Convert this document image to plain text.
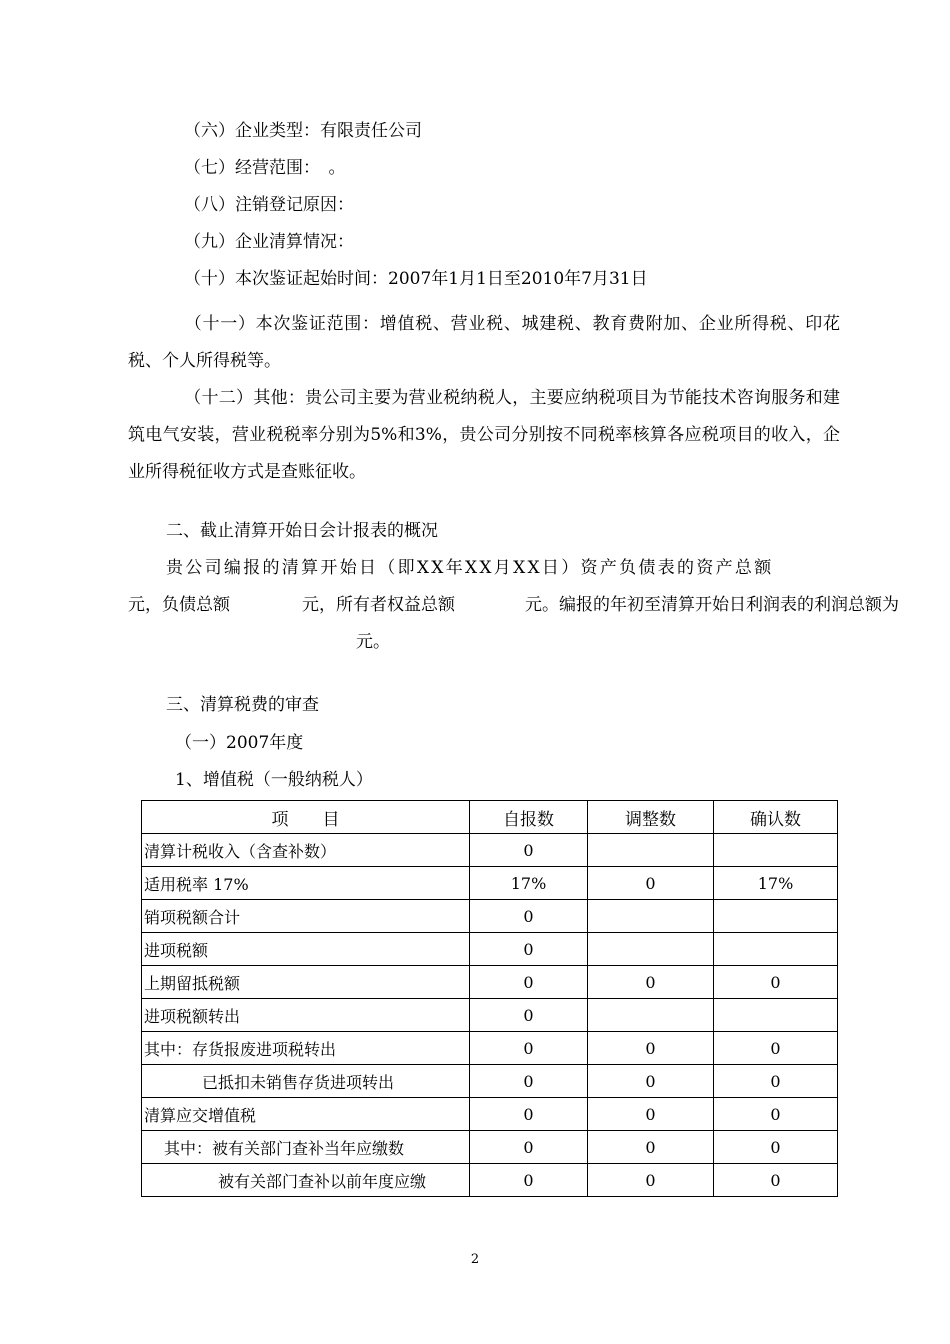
（六）企业类型：有限责任公司
（七）经营范围：　。
（八）注销登记原因：
（九）企业清算情况：
（十）本次鉴证起始时间：2007年1月1日至2010年7月31日
（十一）本次鉴证范围：增值税、营业税、城建税、教育费附加、企业所得税、印花税、个人所得税等。
（十二）其他：贵公司主要为营业税纳税人，主要应纳税项目为节能技术咨询服务和建筑电气安装，营业税税率分别为5%和3%，贵公司分别按不同税率核算各应税项目的收入，企业所得税征收方式是查账征收。
二、截止清算开始日会计报表的概况
贵公司编报的清算开始日（即XX年XX月XX日）资产负债表的资产总额
元，负债总额	元，所有者权益总额	元。编报的年初至清算开始日利润表的利润总额为
元。
三、清算税费的审查
（一）2007年度
1、增值税（一般纳税人）
项　　目	自报数	调整数	确认数
清算计税收入（含查补数）	0		
适用税率 17%	17%	0	17%
销项税额合计	0		
进项税额	0		
上期留抵税额	0	0	0
进项税额转出	0		
其中：存货报废进项税转出	0	0	0
已抵扣未销售存货进项转出	0	0	0
清算应交增值税	0	0	0
其中：被有关部门查补当年应缴数	0	0	0
被有关部门查补以前年度应缴	0	0	0
2
